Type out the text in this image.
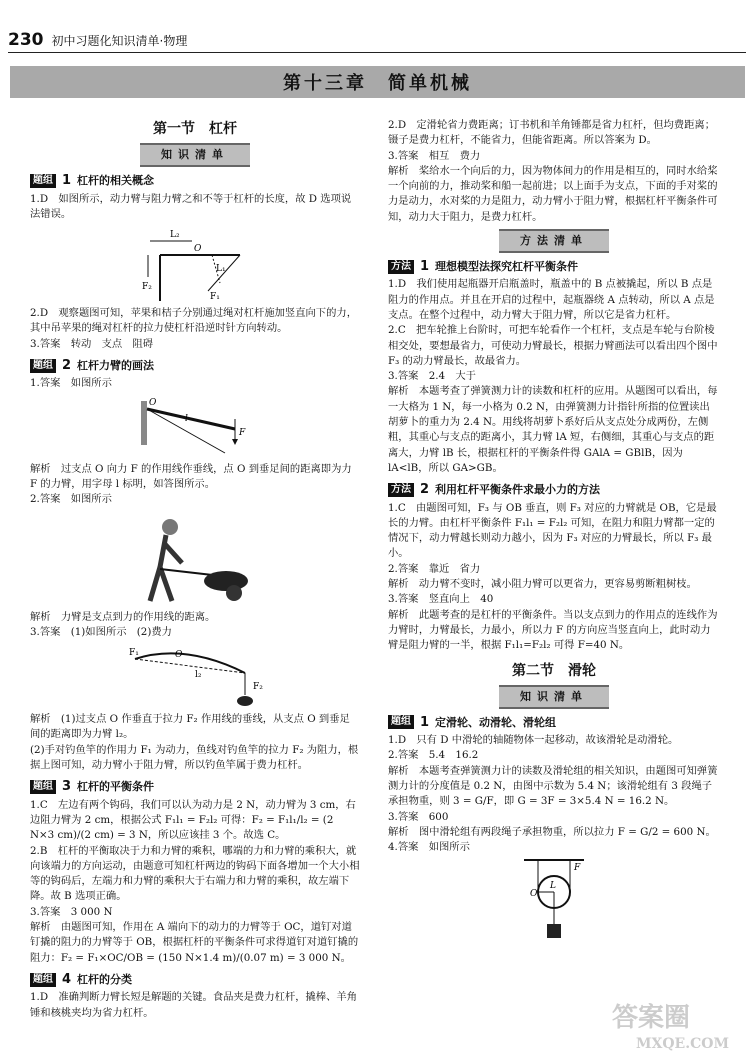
230 初中习题化知识清单·物理
第十三章　简单机械
第一节　杠杆
知识清单
题组 1 杠杆的相关概念

1.D　如图所示，动力臂与阻力臂之和不等于杠杆的长度，故 D 选项说法错误。

L₂
O
F₂
L₁
F₁

2.D　观察题图可知，苹果和桔子分别通过绳对杠杆施加竖直向下的力，其中吊苹果的绳对杠杆的拉力使杠杆沿逆时针方向转动。

3.答案　转动　支点　阻碍

题组 2 杠杆力臂的画法

1.答案　如图所示

O
l
F

解析　过支点 O 向力 F 的作用线作垂线，点 O 到垂足间的距离即为力 F 的力臂，用字母 l 标明，如答图所示。

2.答案　如图所示

解析　力臂是支点到力的作用线的距离。

3.答案　(1)如图所示　(2)费力

F₁	O
l₂
F₂

解析　(1)过支点 O 作垂直于拉力 F₂ 作用线的垂线，从支点 O 到垂足间的距离即为力臂 l₂。

(2)手对钓鱼竿的作用力 F₁ 为动力，鱼线对钓鱼竿的拉力 F₂ 为阻力，根据上图可知，动力臂小于阻力臂，所以钓鱼竿属于费力杠杆。

题组 3 杠杆的平衡条件

1.C　左边有两个钩码，我们可以认为动力是 2 N，动力臂为 3 cm，右边阻力臂为 2 cm，根据公式 F₁l₁ = F₂l₂ 可得：F₂ = F₁l₁/l₂ = (2 N×3 cm)/(2 cm) = 3 N，所以应该挂 3 个。故选 C。

2.B　杠杆的平衡取决于力和力臂的乘积，哪端的力和力臂的乘积大，就向该端力的方向运动，由题意可知杠杆两边的钩码下面各增加一个大小相等的钩码后，左端力和力臂的乘积大于右端力和力臂的乘积，故左端下降。故 B 选项正确。

3.答案　3 000 N

解析　由题图可知，作用在 A 端向下的动力的力臂等于 OC，道钉对道钉撬的阻力的力臂等于 OB，根据杠杆的平衡条件可求得道钉对道钉撬的阻力：F₂ = F₁×OC/OB = (150 N×1.4 m)/(0.07 m) = 3 000 N。

题组 4 杠杆的分类

1.D　准确判断力臂长短是解题的关键。食品夹是费力杠杆，撬棒、羊角锤和核桃夹均为省力杠杆。

2.D　定滑轮省力费距离；订书机和羊角锤都是省力杠杆，但均费距离；镊子是费力杠杆，不能省力，但能省距离。所以答案为 D。

3.答案　相互　费力

解析　桨给水一个向后的力，因为物体间力的作用是相互的，同时水给桨一个向前的力，推动桨和船一起前进；以上面手为支点，下面的手对桨的力是动力，水对桨的力是阻力，动力臂小于阻力臂，根据杠杆平衡条件可知，动力大于阻力，是费力杠杆。

方法清单
方法 1 理想模型法探究杠杆平衡条件

1.D　我们使用起瓶器开启瓶盖时，瓶盖中的 B 点被撬起，所以 B 点是阻力的作用点。并且在开启的过程中，起瓶器绕 A 点转动，所以 A 点是支点。在整个过程中，动力臂大于阻力臂，所以它是省力杠杆。

2.C　把车轮推上台阶时，可把车轮看作一个杠杆，支点是车轮与台阶棱相交处，要想最省力，可使动力臂最长，根据力臂画法可以看出四个图中 F₃ 的动力臂最长，故最省力。

3.答案　2.4　大于

解析　本题考查了弹簧测力计的读数和杠杆的应用。从题图可以看出，每一大格为 1 N，每一小格为 0.2 N，由弹簧测力计指针所指的位置读出胡萝卜的重力为 2.4 N。用线将胡萝卜系好后从支点处分成两份，左侧粗，其重心与支点的距离小，其力臂 lA 短，右侧细，其重心与支点的距离大，力臂 lB 长，根据杠杆的平衡条件得 GAlA = GBlB，因为 lA<lB，所以 GA>GB。

方法 2 利用杠杆平衡条件求最小力的方法

1.C　由题图可知，F₃ 与 OB 垂直，则 F₃ 对应的力臂就是 OB，它是最长的力臂。由杠杆平衡条件 F₁l₁ = F₂l₂ 可知，在阻力和阻力臂都一定的情况下，动力臂越长则动力越小，因为 F₃ 对应的力臂最长，所以 F₃ 最小。

2.答案　靠近　省力

解析　动力臂不变时，减小阻力臂可以更省力，更容易剪断粗树枝。

3.答案　竖直向上　40

解析　此题考查的是杠杆的平衡条件。当以支点到力的作用点的连线作为力臂时，力臂最长，力最小，所以力 F 的方向应当竖直向上，此时动力臂是阻力臂的一半，根据 F₁l₁=F₂l₂ 可得 F=40 N。

第二节　滑轮
知识清单
题组 1 定滑轮、动滑轮、滑轮组

1.D　只有 D 中滑轮的轴随物体一起移动，故该滑轮是动滑轮。

2.答案　5.4　16.2

解析　本题考查弹簧测力计的读数及滑轮组的相关知识，由题图可知弹簧测力计的分度值是 0.2 N，由图中示数为 5.4 N；该滑轮组有 3 段绳子承担物重，则 3 = G/F，即 G = 3F = 3×5.4 N = 16.2 N。

3.答案　600

解析　图中滑轮组有两段绳子承担物重，所以拉力 F = G/2 = 600 N。

4.答案　如图所示

O
L
F
答案圈
MXQE.COM
